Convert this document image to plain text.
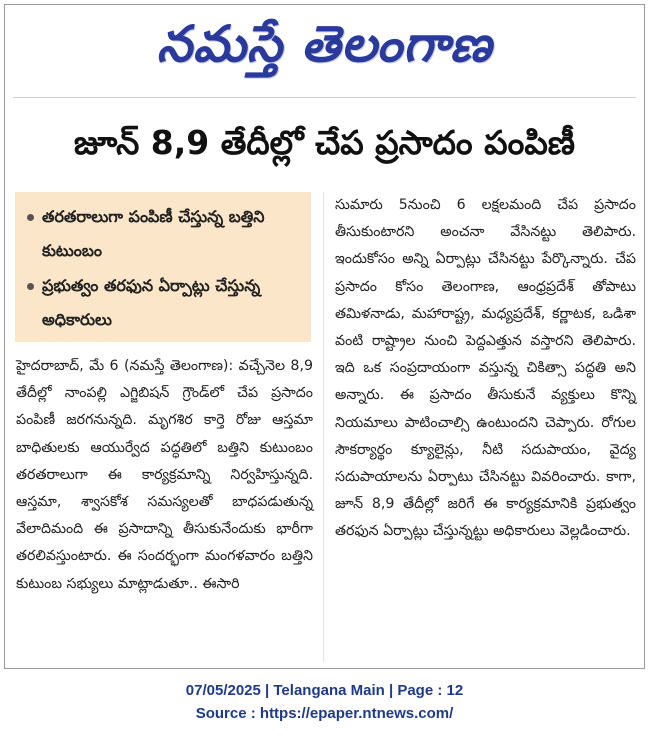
నమస్తే తెలంగాణ
జూన్ 8,9 తేదీల్లో చేప ప్రసాదం పంపిణీ
తరతరాలుగా పంపిణీ చేస్తున్న బత్తిని కుటుంబం
ప్రభుత్వం తరఫున ఏర్పాట్లు చేస్తున్న అధికారులు

హైదరాబాద్, మే 6 (నమస్తే తెలంగాణ): వచ్చేనెల 8,9 తేదీల్లో నాంపల్లి ఎగ్జిబిషన్ గ్రౌండ్‌లో చేప ప్రసాదం పంపిణీ జరగనున్నది. మృగశిర కార్తె రోజు ఆస్తమా బాధితులకు ఆయుర్వేద పద్ధతిలో బత్తిని కుటుంబం తరతరాలుగా ఈ కార్యక్రమాన్ని నిర్వహిస్తున్నది. ఆస్తమా, శ్వాసకోశ సమస్యలతో బాధపడుతున్న వేలాదిమంది ఈ ప్రసాదాన్ని తీసుకునేందుకు భారీగా తరలివస్తుంటారు. ఈ సందర్భంగా మంగళవారం బత్తిని కుటుంబ సభ్యులు మాట్లాడుతూ.. ఈసారి

సుమారు 5నుంచి 6 లక్షలమంది చేప ప్రసాదం తీసుకుంటారని అంచనా వేసినట్టు తెలిపారు. ఇందుకోసం అన్ని ఏర్పాట్లు చేసినట్టు పేర్కొన్నారు. చేప ప్రసాదం కోసం తెలంగాణ, ఆంధ్రప్రదేశ్ తోపాటు తమిళనాడు, మహారాష్ట్ర, మధ్యప్రదేశ్, కర్ణాటక, ఒడిశా వంటి రాష్ట్రాల నుంచి పెద్దఎత్తున వస్తారని తెలిపారు. ఇది ఒక సంప్రదాయంగా వస్తున్న చికిత్సా పద్ధతి అని అన్నారు. ఈ ప్రసాదం తీసుకునే వ్యక్తులు కొన్ని నియమాలు పాటించాల్సి ఉంటుందని చెప్పారు. రోగుల సౌకర్యార్థం క్యూలైన్లు, నీటి సదుపాయం, వైద్య సదుపాయాలను ఏర్పాటు చేసినట్టు వివరించారు. కాగా, జూన్ 8,9 తేదీల్లో జరిగే ఈ కార్యక్రమానికి ప్రభుత్వం తరఫున ఏర్పాట్లు చేస్తున్నట్టు అధికారులు వెల్లడించారు.

07/05/2025 | Telangana Main | Page : 12
Source : https://epaper.ntnews.com/
